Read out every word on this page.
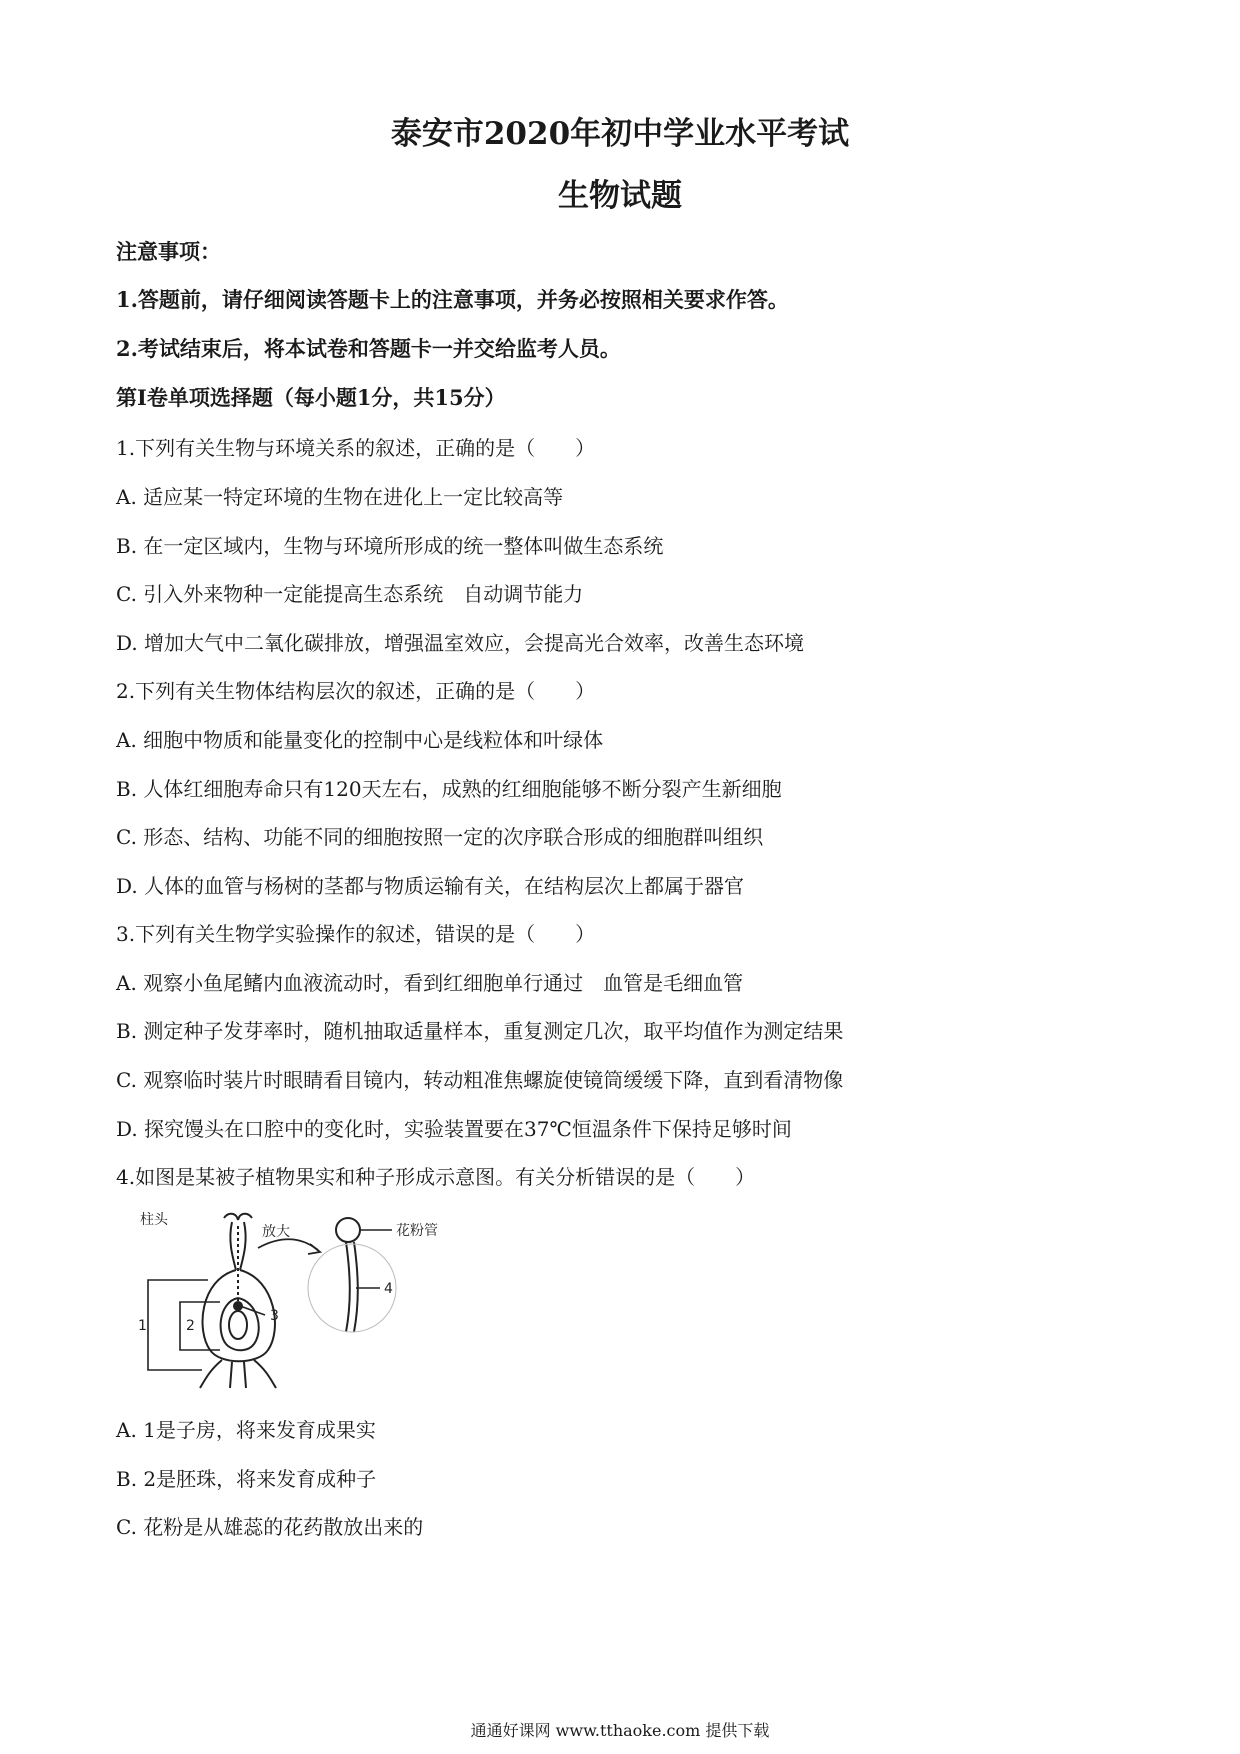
泰安市2020年初中学业水平考试
生物试题
注意事项：
1.答题前，请仔细阅读答题卡上的注意事项，并务必按照相关要求作答。
2.考试结束后，将本试卷和答题卡一并交给监考人员。
第Ⅰ卷单项选择题（每小题1分，共15分）
1.下列有关生物与环境关系的叙述，正确的是（　　）
A. 适应某一特定环境的生物在进化上一定比较高等
B. 在一定区域内，生物与环境所形成的统一整体叫做生态系统
C. 引入外来物种一定能提高生态系统　自动调节能力
D. 增加大气中二氧化碳排放，增强温室效应，会提高光合效率，改善生态环境
2.下列有关生物体结构层次的叙述，正确的是（　　）
A. 细胞中物质和能量变化的控制中心是线粒体和叶绿体
B. 人体红细胞寿命只有120天左右，成熟的红细胞能够不断分裂产生新细胞
C. 形态、结构、功能不同的细胞按照一定的次序联合形成的细胞群叫组织
D. 人体的血管与杨树的茎都与物质运输有关，在结构层次上都属于器官
3.下列有关生物学实验操作的叙述，错误的是（　　）
A. 观察小鱼尾鳍内血液流动时，看到红细胞单行通过　血管是毛细血管
B. 测定种子发芽率时，随机抽取适量样本，重复测定几次，取平均值作为测定结果
C. 观察临时装片时眼睛看目镜内，转动粗准焦螺旋使镜筒缓缓下降，直到看清物像
D. 探究馒头在口腔中的变化时，实验装置要在37℃恒温条件下保持足够时间
4.如图是某被子植物果实和种子形成示意图。有关分析错误的是（　　）
柱头
放大	花粉管
1	2
3
4
A. 1是子房，将来发育成果实
B. 2是胚珠，将来发育成种子
C. 花粉是从雄蕊的花药散放出来的
通通好课网 www.tthaoke.com 提供下载
